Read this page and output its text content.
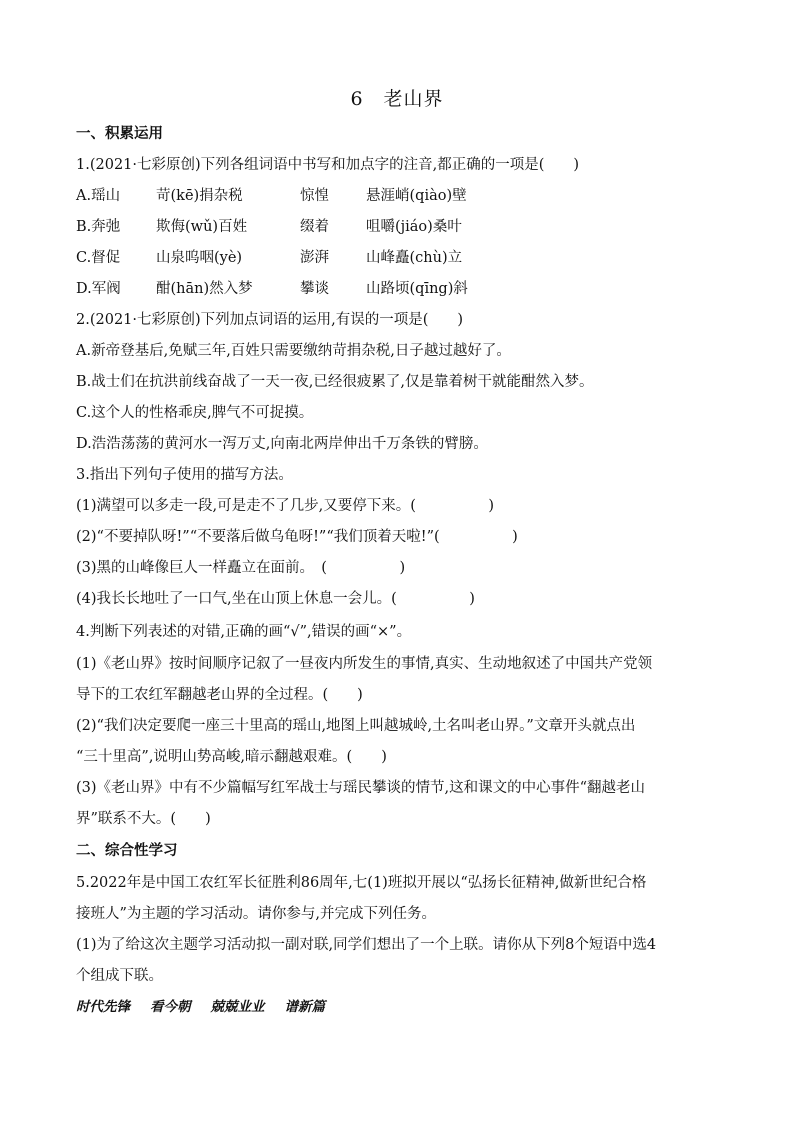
6　老山界
一、积累运用
1.(2021·七彩原创)下列各组词语中书写和加点字的注音,都正确的一项是(　　)
A.瑶山 苛(kē)捐杂税	惊惶	悬涯峭(qiào)壁
B.奔弛 欺侮(wǔ)百姓	缀着	咀嚼(jiáo)桑叶
C.督促 山泉呜咽(yè)	澎湃	山峰矗(chù)立
D.军阀 酣(hān)然入梦	攀谈	山路顷(qīng)斜
2.(2021·七彩原创)下列加点词语的运用,有误的一项是(　　)
A.新帝登基后,免赋三年,百姓只需要缴纳苛捐杂税,日子越过越好了。
B.战士们在抗洪前线奋战了一天一夜,已经很疲累了,仅是靠着树干就能酣然入梦。
C.这个人的性格乖戾,脾气不可捉摸。
D.浩浩荡荡的黄河水一泻万丈,向南北两岸伸出千万条铁的臂膀。
3.指出下列句子使用的描写方法。
(1)满望可以多走一段,可是走不了几步,又要停下来。(　　　　　)
(2)“不要掉队呀!”“不要落后做乌龟呀!”“我们顶着天啦!”(　　　　　)
(3)黑的山峰像巨人一样矗立在面前。　(　　　　　)
(4)我长长地吐了一口气,坐在山顶上休息一会儿。(　　　　　)
4.判断下列表述的对错,正确的画“√”,错误的画“×”。
(1)《老山界》按时间顺序记叙了一昼夜内所发生的事情,真实、生动地叙述了中国共产党领
导下的工农红军翻越老山界的全过程。(　　)
(2)“我们决定要爬一座三十里高的瑶山,地图上叫越城岭,土名叫老山界。”文章开头就点出
“三十里高”,说明山势高峻,暗示翻越艰难。(　　)
(3)《老山界》中有不少篇幅写红军战士与瑶民攀谈的情节,这和课文的中心事件“翻越老山
界”联系不大。(　　)
二、综合性学习
5.2022年是中国工农红军长征胜利86周年,七(1)班拟开展以“弘扬长征精神,做新世纪合格
接班人”为主题的学习活动。请你参与,并完成下列任务。
(1)为了给这次主题学习活动拟一副对联,同学们想出了一个上联。请你从下列8个短语中选4
个组成下联。
时代先锋 看今朝 兢兢业业 谱新篇
